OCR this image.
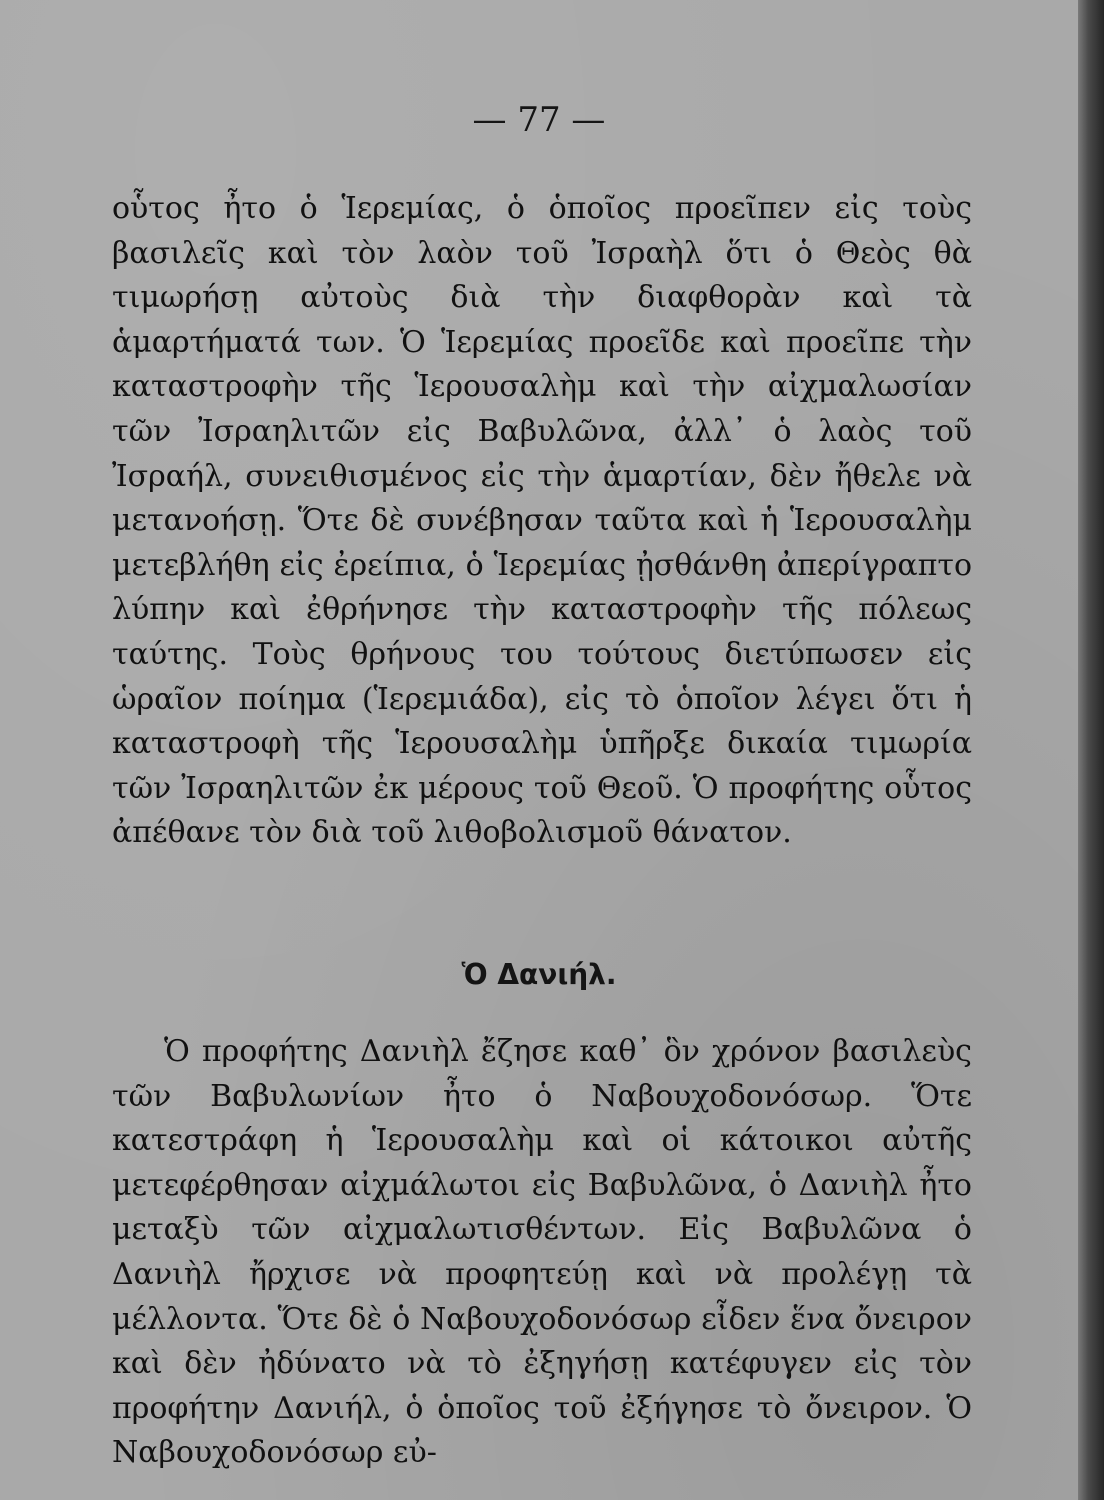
— 77 —

οὗτος ἦτο ὁ Ἱερεμίας, ὁ ὁποῖος προεῖπεν εἰς τοὺς βασιλεῖς καὶ τὸν λαὸν τοῦ Ἰσραὴλ ὅτι ὁ Θεὸς θὰ τιμωρήσῃ αὐτοὺς διὰ τὴν διαφθορὰν καὶ τὰ ἁμαρτήματά των. Ὁ Ἱερεμίας προεῖδε καὶ προεῖπε τὴν καταστροφὴν τῆς Ἱερουσαλὴμ καὶ τὴν αἰχμαλωσίαν τῶν Ἰσραηλιτῶν εἰς Βαβυλῶνα, ἀλλ᾽ ὁ λαὸς τοῦ Ἰσραήλ, συνειθισμένος εἰς τὴν ἁμαρτίαν, δὲν ἤθελε νὰ μετανοήσῃ. Ὅτε δὲ συνέβησαν ταῦτα καὶ ἡ Ἱερουσαλὴμ μετεβλήθη εἰς ἐρείπια, ὁ Ἱερεμίας ᾐσθάνθη ἀπερίγραπτο λύπην καὶ ἐθρήνησε τὴν καταστροφὴν τῆς πόλεως ταύτης. Τοὺς θρήνους του τούτους διετύπωσεν εἰς ὡραῖον ποίημα (Ἱερεμιάδα), εἰς τὸ ὁποῖον λέγει ὅτι ἡ καταστροφὴ τῆς Ἱερουσαλὴμ ὑπῆρξε δικαία τιμωρία τῶν Ἰσραηλιτῶν ἐκ μέρους τοῦ Θεοῦ. Ὁ προφήτης οὗτος ἀπέθανε τὸν διὰ τοῦ λιθοβολισμοῦ θάνατον.

Ὁ Δανιήλ.

Ὁ προφήτης Δανιὴλ ἔζησε καθ᾽ ὃν χρόνον βασιλεὺς τῶν Βαβυλωνίων ἦτο ὁ Ναβουχοδονόσωρ. Ὅτε κατεστράφη ἡ Ἱερουσαλὴμ καὶ οἱ κάτοικοι αὐτῆς μετεφέρθησαν αἰχμάλωτοι εἰς Βαβυλῶνα, ὁ Δανιὴλ ἦτο μεταξὺ τῶν αἰχμαλωτισθέντων. Εἰς Βαβυλῶνα ὁ Δανιὴλ ἤρχισε νὰ προφητεύῃ καὶ νὰ προλέγῃ τὰ μέλλοντα. Ὅτε δὲ ὁ Ναβουχοδονόσωρ εἶδεν ἕνα ὄνειρον καὶ δὲν ἠδύνατο νὰ τὸ ἐξηγήσῃ κατέφυγεν εἰς τὸν προφήτην Δανιήλ, ὁ ὁποῖος τοῦ ἐξήγησε τὸ ὄνειρον. Ὁ Ναβουχοδονόσωρ εὐ-
